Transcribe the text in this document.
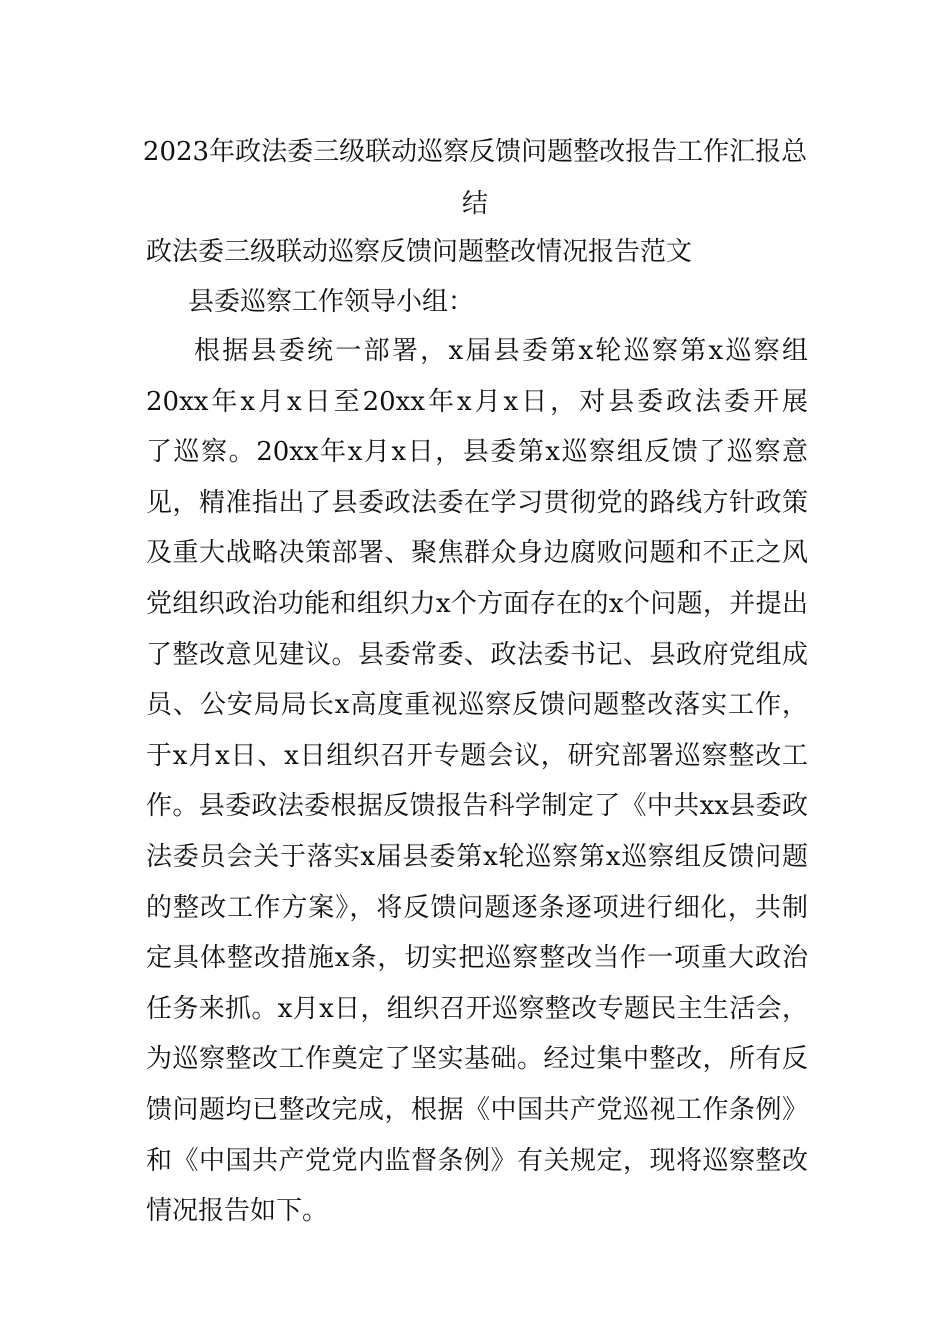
2023年政法委三级联动巡察反馈问题整改报告工作汇报总结
政法委三级联动巡察反馈问题整改情况报告范文

县委巡察工作领导小组：

根据县委统一部署，x届县委第x轮巡察第x巡察组
20xx年x月x日至20xx年x月x日，对县委政法委开展
了巡察。20xx年x月x日，县委第x巡察组反馈了巡察意
见，精准指出了县委政法委在学习贯彻党的路线方针政策
及重大战略决策部署、聚焦群众身边腐败问题和不正之风
党组织政治功能和组织力x个方面存在的x个问题，并提出
了整改意见建议。县委常委、政法委书记、县政府党组成
员、公安局局长x高度重视巡察反馈问题整改落实工作，
于x月x日、x日组织召开专题会议，研究部署巡察整改工
作。县委政法委根据反馈报告科学制定了《中共xx县委政
法委员会关于落实x届县委第x轮巡察第x巡察组反馈问题
的整改工作方案》，将反馈问题逐条逐项进行细化，共制
定具体整改措施x条，切实把巡察整改当作一项重大政治
任务来抓。x月x日，组织召开巡察整改专题民主生活会，
为巡察整改工作奠定了坚实基础。经过集中整改，所有反
馈问题均已整改完成，根据《中国共产党巡视工作条例》
和《中国共产党党内监督条例》有关规定，现将巡察整改
情况报告如下。
